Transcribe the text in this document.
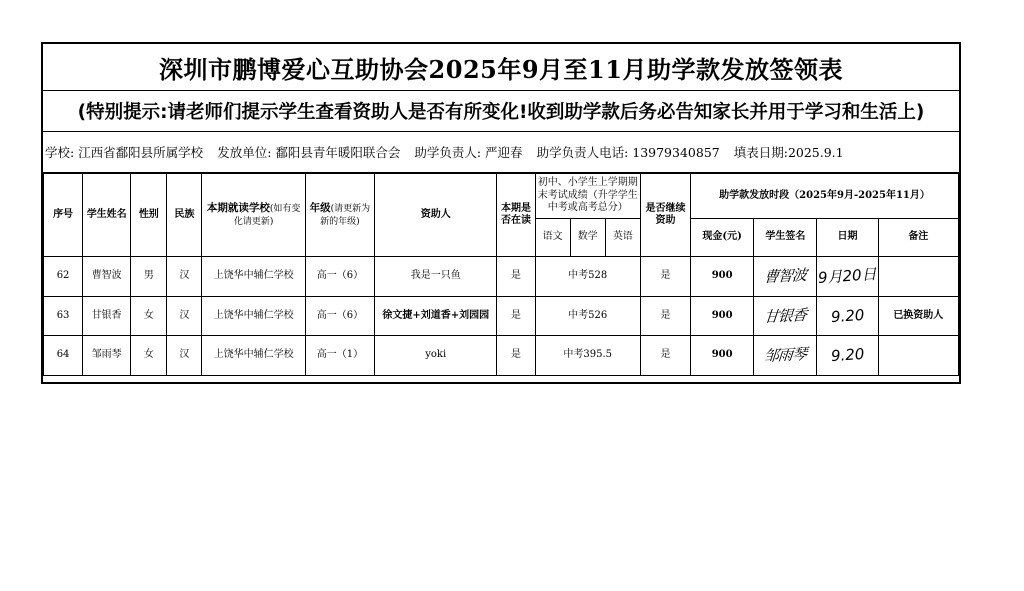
深圳市鹏博爱心互助协会2025年9月至11月助学款发放签领表
(特别提示:请老师们提示学生查看资助人是否有所变化!收到助学款后务必告知家长并用于学习和生活上)
学校: 江西省鄱阳县所属学校 发放单位: 鄱阳县青年暖阳联合会 助学负责人: 严迎春 助学负责人电话: 13979340857 填表日期:2025.9.1
序号	学生姓名	性别	民族	本期就读学校(如有变化请更新)	年级(请更新为新的年级)	资助人	本期是否在读	初中、小学生上学期期末考试成绩（升学学生中考或高考总分）			是否继续资助	助学款发放时段（2025年9月-2025年11月）			
								语文	数学	英语		现金(元)	学生签名	日期	备注
62	曹智波	男	汉	上饶华中辅仁学校	高一（6）	我是一只鱼	是	中考528			是	900	曹智波	9月20日	
63	甘银香	女	汉	上饶华中辅仁学校	高一（6）	徐文捷+刘道香+刘园园	是	中考526			是	900	甘银香	9.20	已换资助人
64	邹雨琴	女	汉	上饶华中辅仁学校	高一（1）	yoki	是	中考395.5			是	900	邹雨琴	9.20	
